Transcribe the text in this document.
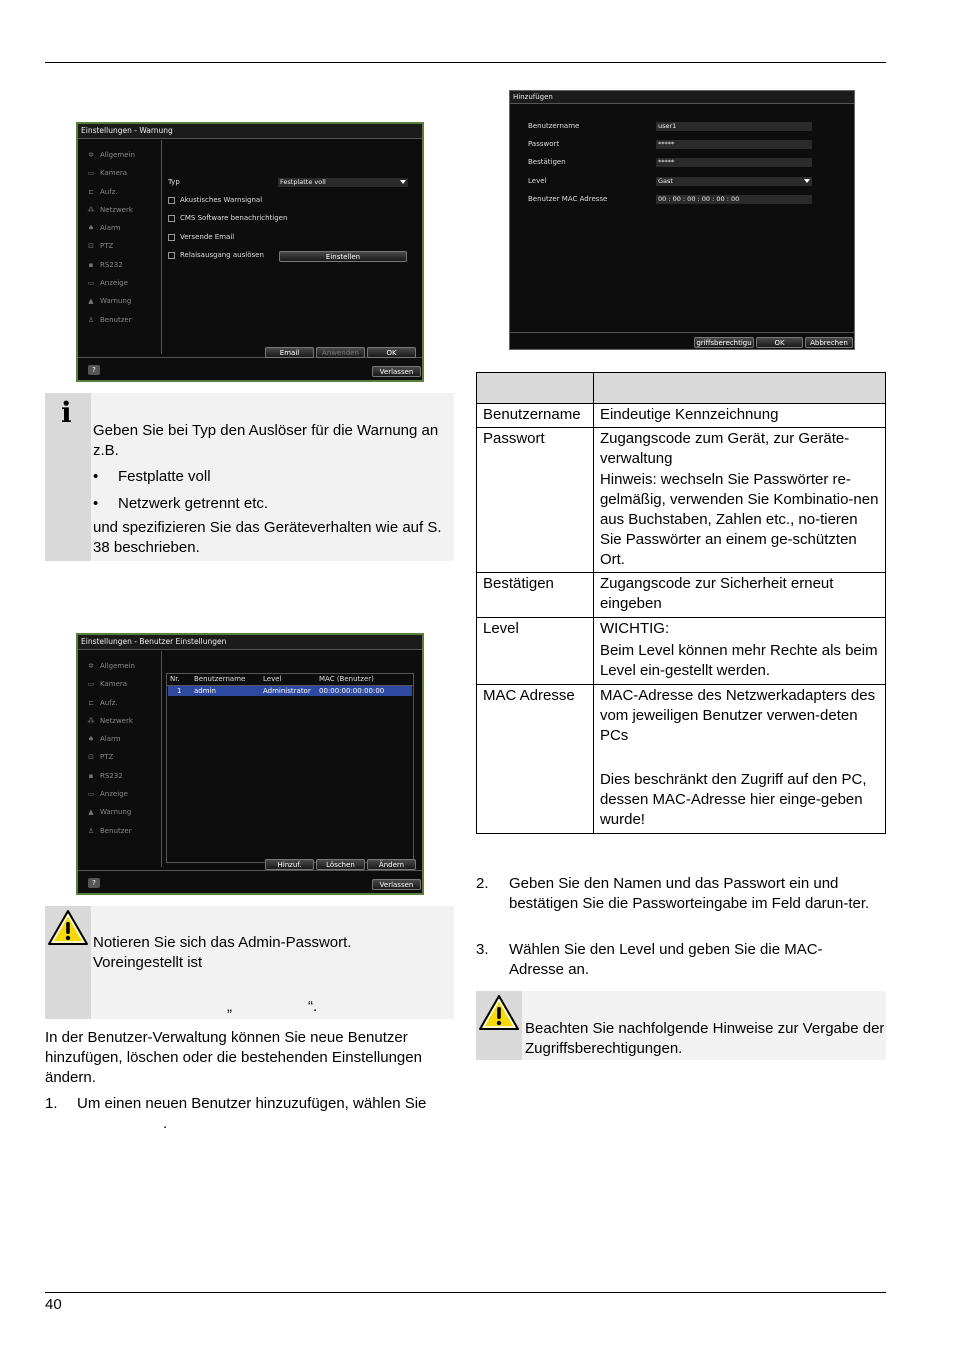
40
Einstellungen - Warnung
✲ Allgemein
▭ Kamera
⊏ Aufz.
⁂ Netzwerk
♠ Alarm
⊡ PTZ
▪ RS232
▭ Anzeige
▲ Warnung
♙ Benutzer
Typ	Festplatte voll
Akustisches Warnsignal
CMS Software benachrichtigen
Versende Email
Relaisausgang auslösen	Einstellen
Email	Anwenden	OK
?	Verlassen
i
Geben Sie bei Typ den Auslöser für die Warnung an z.B.
• Festplatte voll
• Netzwerk getrennt etc.
und spezifizieren Sie das Geräteverhalten wie auf S. 38 beschrieben.
Einstellungen - Benutzer Einstellungen
✲ Allgemein
▭ Kamera
⊏ Aufz.
⁂ Netzwerk
♠ Alarm
⊡ PTZ
▪ RS232
▭ Anzeige
▲ Warnung
♙ Benutzer
Nr. Benutzername	Level	MAC (Benutzer)
1 admin	Administrator 00:00:00:00:00:00
Hinzuf.	Löschen	Ändern
?	Verlassen
Notieren Sie sich das Admin-Passwort.
Voreingestellt ist
„	“.
In der Benutzer-Verwaltung können Sie neue Benutzer hinzufügen, löschen oder die bestehenden Einstellungen ändern.
1. Um einen neuen Benutzer hinzuzufügen, wählen Sie
.
Hinzufügen
Benutzername	user1
Passwort	*****
Bestätigen	*****
Level	Gast
Benutzer MAC Adresse	00 : 00 : 00 : 00 : 00 : 00
griffsberechtigu	OK	Abbrechen

Benutzername	Eindeutige Kennzeichnung
Passwort	Zugangscode zum Gerät, zur Geräte-verwaltung
Hinweis: wechseln Sie Passwörter re-gelmäßig, verwenden Sie Kombinatio-nen aus Buchstaben, Zahlen etc., no-tieren Sie Passwörter an einem ge-schützten Ort.

Bestätigen	Zugangscode zur Sicherheit erneut eingeben
Level	WICHTIG:
Beim Level können mehr Rechte als beim Level ein-gestellt werden.

MAC Adresse	MAC-Adresse des Netzwerkadapters des vom jeweiligen Benutzer verwen-deten PCs
Dies beschränkt den Zugriff auf den PC, dessen MAC-Adresse hier einge-geben wurde!
2. Geben Sie den Namen und das Passwort ein und bestätigen Sie die Passworteingabe im Feld darun-ter.
3. Wählen Sie den Level und geben Sie die MAC-Adresse an.
Beachten Sie nachfolgende Hinweise zur Vergabe der Zugriffsberechtigungen.
